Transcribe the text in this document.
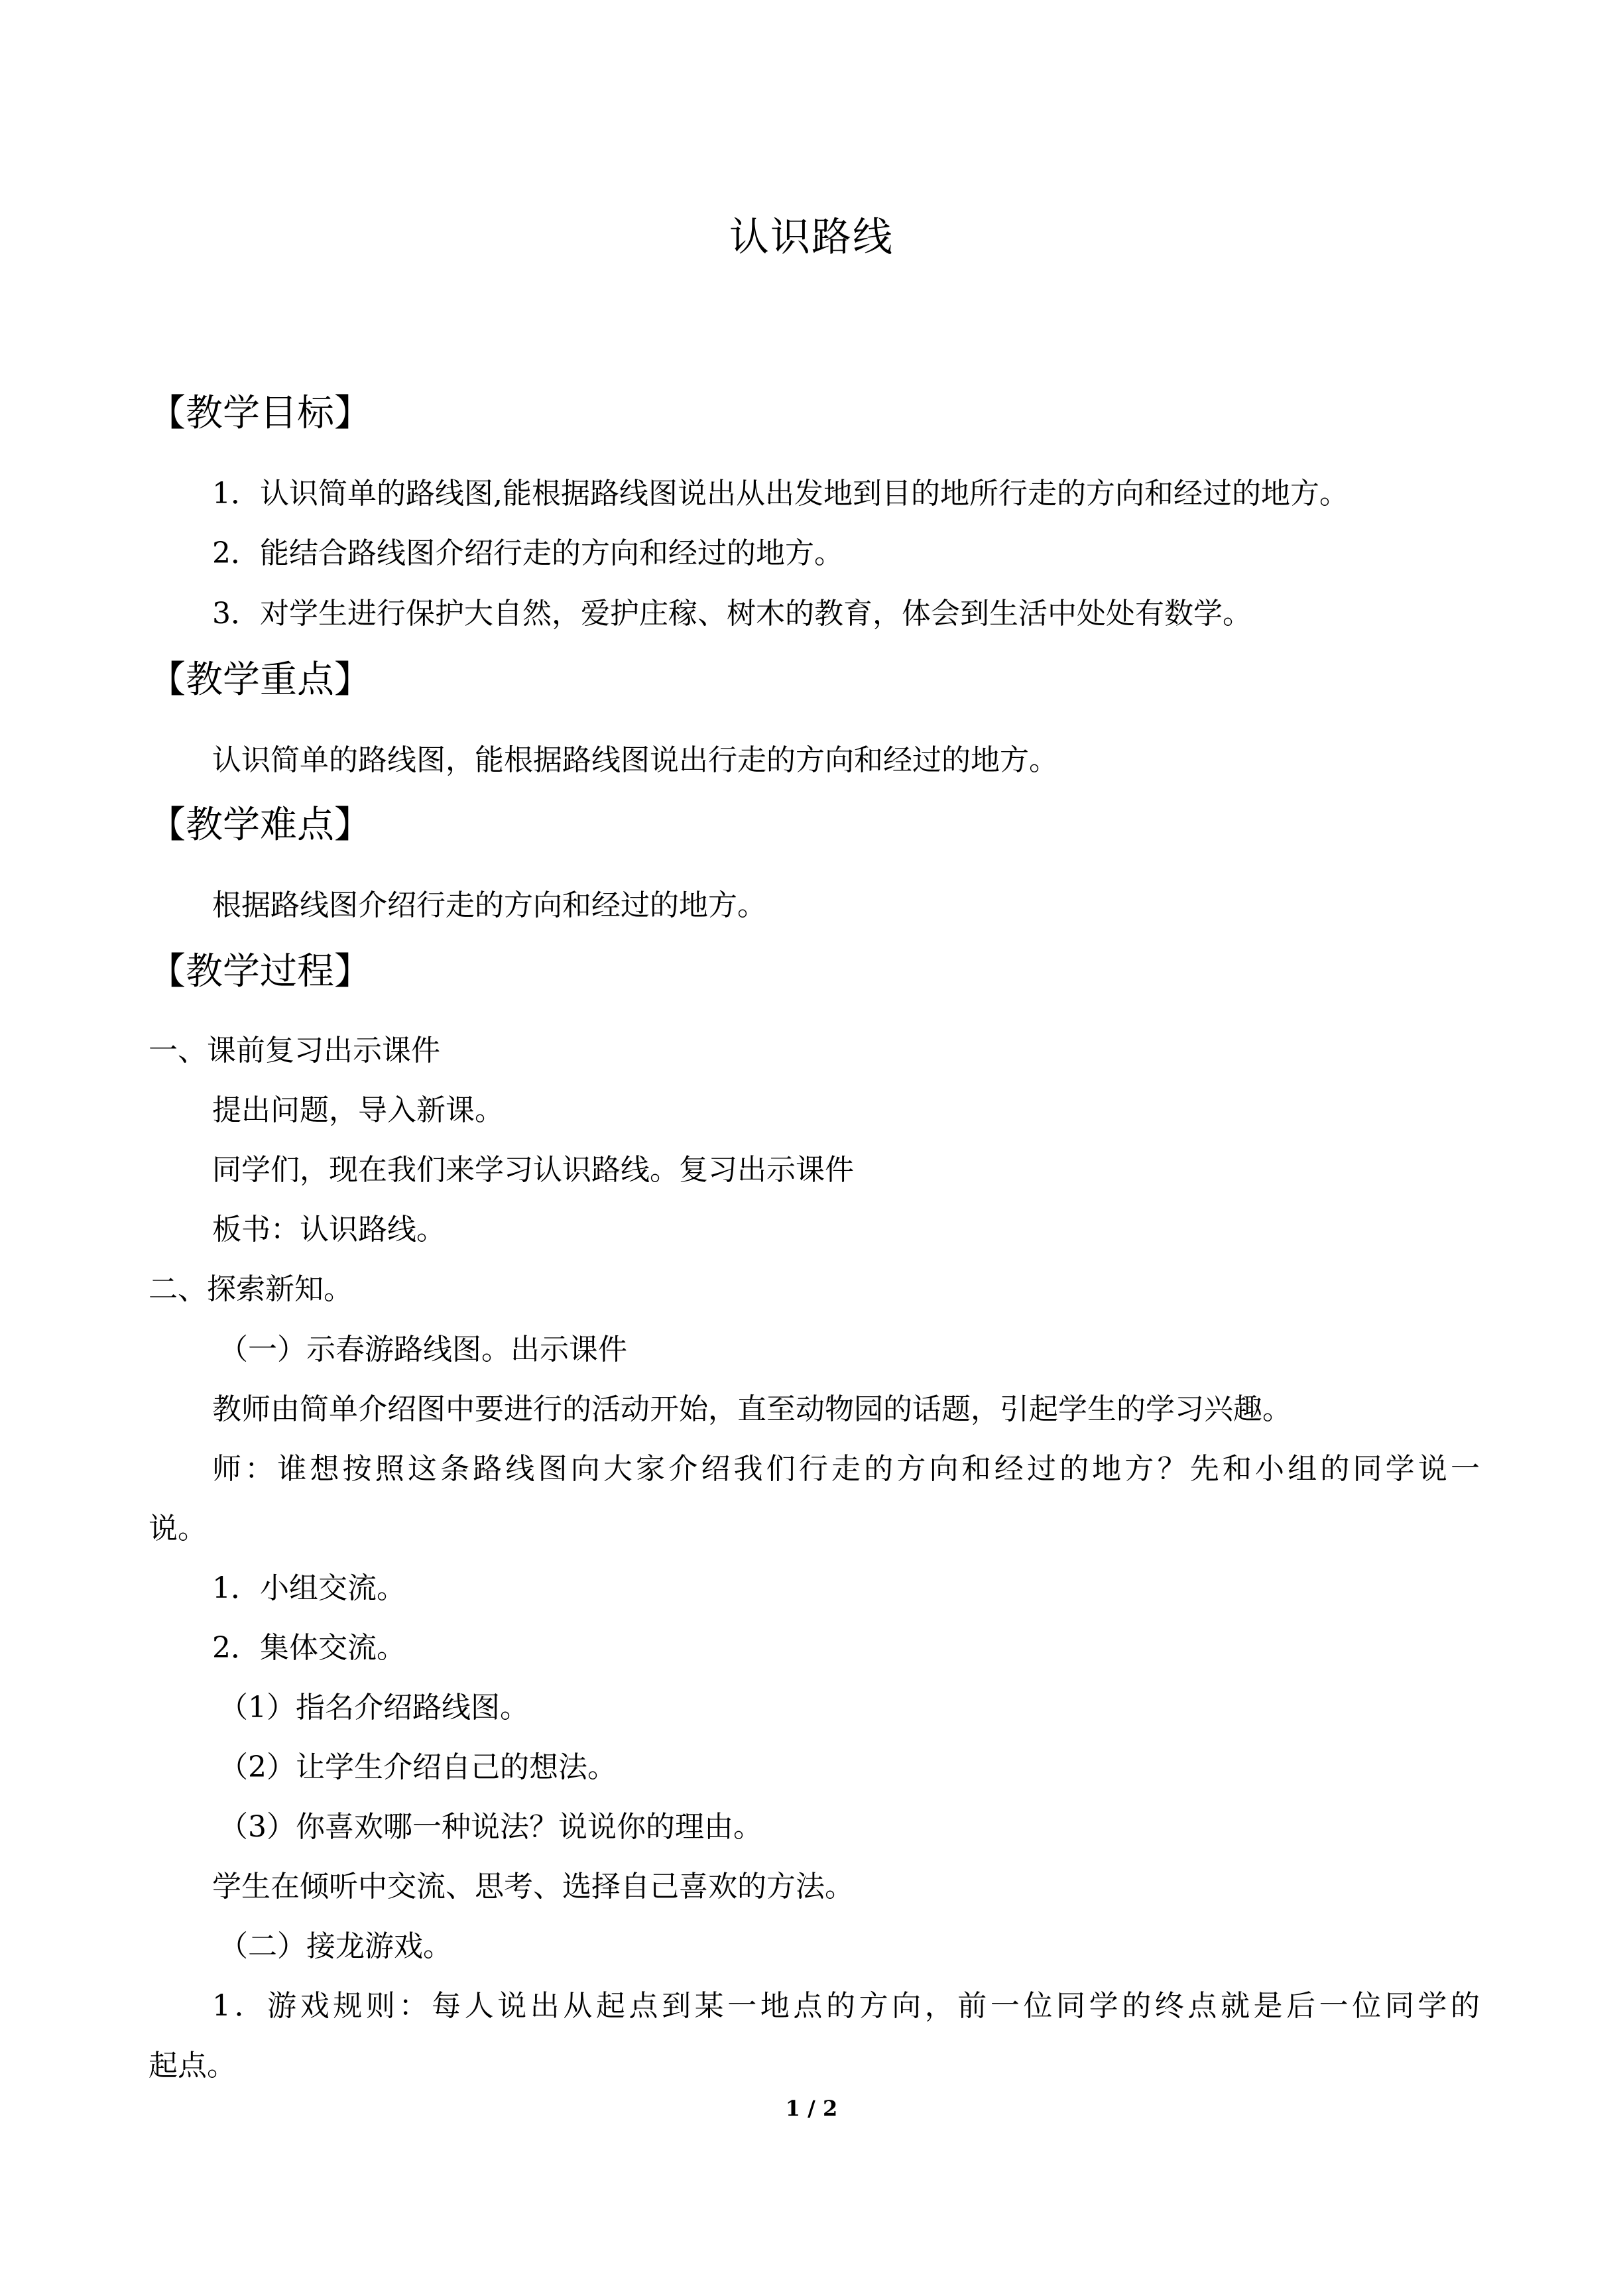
认识路线
【教学目标】
1．认识简单的路线图,能根据路线图说出从出发地到目的地所行走的方向和经过的地方。
2．能结合路线图介绍行走的方向和经过的地方。
3．对学生进行保护大自然，爱护庄稼、树木的教育，体会到生活中处处有数学。
【教学重点】
认识简单的路线图，能根据路线图说出行走的方向和经过的地方。
【教学难点】
根据路线图介绍行走的方向和经过的地方。
【教学过程】
一、课前复习出示课件
提出问题，导入新课。
同学们，现在我们来学习认识路线。复习出示课件
板书：认识路线。
二、探索新知。
（一）示春游路线图。出示课件
教师由简单介绍图中要进行的活动开始，直至动物园的话题，引起学生的学习兴趣。
师：谁想按照这条路线图向大家介绍我们行走的方向和经过的地方？先和小组的同学说一
说。
1．小组交流。
2．集体交流。
（1）指名介绍路线图。
（2）让学生介绍自己的想法。
（3）你喜欢哪一种说法？说说你的理由。
学生在倾听中交流、思考、选择自己喜欢的方法。
（二）接龙游戏。
1．游戏规则：每人说出从起点到某一地点的方向，前一位同学的终点就是后一位同学的
起点。
1 / 2
